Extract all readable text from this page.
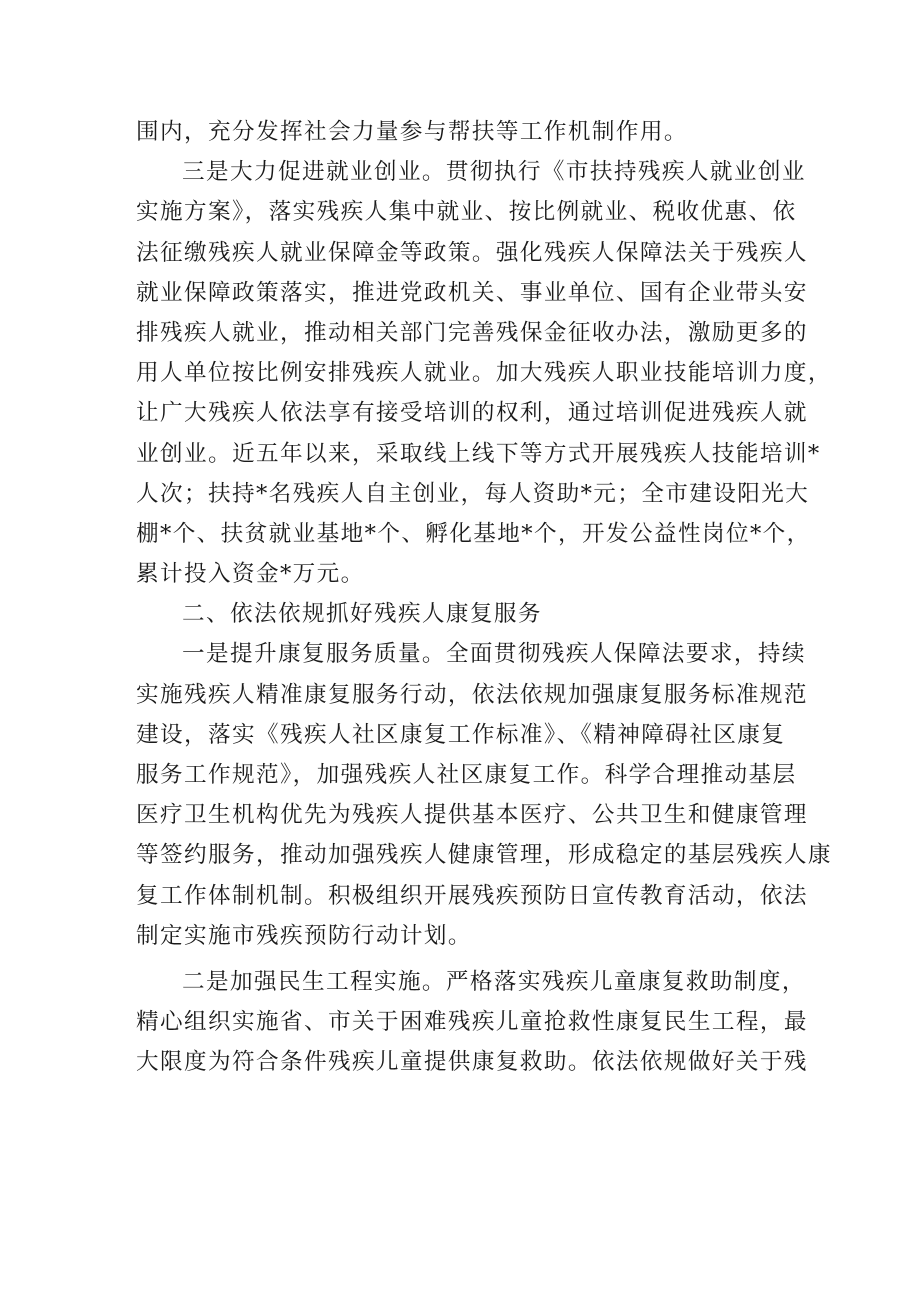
围内，充分发挥社会力量参与帮扶等工作机制作用。
三是大力促进就业创业。贯彻执行《市扶持残疾人就业创业
实施方案》，落实残疾人集中就业、按比例就业、税收优惠、依
法征缴残疾人就业保障金等政策。强化残疾人保障法关于残疾人
就业保障政策落实，推进党政机关、事业单位、国有企业带头安
排残疾人就业，推动相关部门完善残保金征收办法，激励更多的
用人单位按比例安排残疾人就业。加大残疾人职业技能培训力度，
让广大残疾人依法享有接受培训的权利，通过培训促进残疾人就
业创业。近五年以来，采取线上线下等方式开展残疾人技能培训*
人次；扶持*名残疾人自主创业，每人资助*元；全市建设阳光大
棚*个、扶贫就业基地*个、孵化基地*个，开发公益性岗位*个，
累计投入资金*万元。
二、依法依规抓好残疾人康复服务
一是提升康复服务质量。全面贯彻残疾人保障法要求，持续
实施残疾人精准康复服务行动，依法依规加强康复服务标准规范
建设，落实《残疾人社区康复工作标准》、《精神障碍社区康复
服务工作规范》，加强残疾人社区康复工作。科学合理推动基层
医疗卫生机构优先为残疾人提供基本医疗、公共卫生和健康管理
等签约服务，推动加强残疾人健康管理，形成稳定的基层残疾人康
复工作体制机制。积极组织开展残疾预防日宣传教育活动，依法
制定实施市残疾预防行动计划。
二是加强民生工程实施。严格落实残疾儿童康复救助制度，
精心组织实施省、市关于困难残疾儿童抢救性康复民生工程，最
大限度为符合条件残疾儿童提供康复救助。依法依规做好关于残
